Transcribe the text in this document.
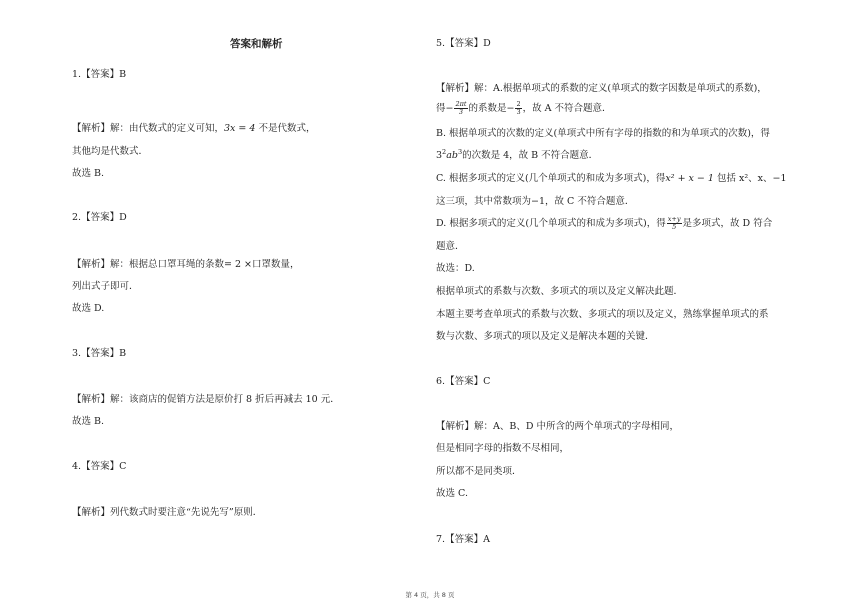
答案和解析
1.【答案】B
【解析】解：由代数式的定义可知，3x = 4 不是代数式，
其他均是代数式．
故选 B.
2.【答案】D
【解析】解：根据总口罩耳绳的条数= 2 ×口罩数量，
列出式子即可．
故选 D.
3.【答案】B
【解析】解：该商店的促销方法是原价打 8 折后再减去 10 元．
故选 B.
4.【答案】C
【解析】列代数式时要注意“先说先写”原则．
5.【答案】D
【解析】解：A.根据单项式的系数的定义(单项式的数字因数是单项式的系数)，
得− $\frac{2\pi t}{3}$ 的系数是− $\frac{2}{3}$ ，故 A 不符合题意．
B. 根据单项式的次数的定义(单项式中所有字母的指数的和为单项式的次数)，得
$3^2ab^3$的次数是 4，故 B 不符合题意．
C. 根据多项式的定义(几个单项式的和成为多项式)，得x² + x − 1 包括 x²、x、−1
这三项，其中常数项为−1，故 C 不符合题意．
D. 根据多项式的定义(几个单项式的和成为多项式)，得 $\frac{x+y}{5}$ 是多项式，故 D 符合
题意．
故选：D.
根据单项式的系数与次数、多项式的项以及定义解决此题．
本题主要考查单项式的系数与次数、多项式的项以及定义，熟练掌握单项式的系
数与次数、多项式的项以及定义是解决本题的关键．
6.【答案】C
【解析】解：A、B、D 中所含的两个单项式的字母相同，
但是相同字母的指数不尽相同，
所以都不是同类项．
故选 C.
7.【答案】A
第 4 页，共 8 页
